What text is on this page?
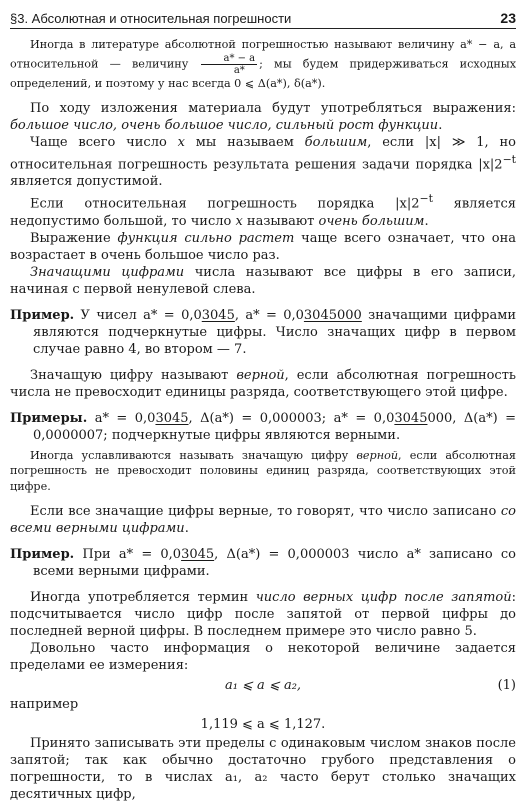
§3. Абсолютная и относительная погрешности	23

Иногда в литературе абсолютной погрешностью называют величину a* − a, а относительной — величину $\frac{a* - a}{a*}$ ; мы будем придерживаться исходных определений, и поэтому у нас всегда 0 ⩽ Δ(a*), δ(a*).

По ходу изложения материала будут употребляться выражения: большое число, очень большое число, сильный рост функции.

Чаще всего число x мы называем большим, если |x| ≫ 1, но относительная погрешность результата решения задачи порядка $|x|2^{-t}$ является допустимой.

Если относительная погрешность порядка $|x|2^{-t}$ является недопустимо большой, то число x называют очень большим.

Выражение функция сильно растет чаще всего означает, что она возрастает в очень большое число раз.

Значащими цифрами числа называют все цифры в его записи, начиная с первой ненулевой слева.

Пример. У чисел a* = 0,03045, a* = 0,03045000 значащими цифрами являются подчеркнутые цифры. Число значащих цифр в первом случае равно 4, во втором — 7.

Значащую цифру называют верной, если абсолютная погрешность числа не превосходит единицы разряда, соответствующего этой цифре.

Примеры. a* = 0,03045, Δ(a*) = 0,000003; a* = 0,03045000, Δ(a*) = 0,0000007; подчеркнутые цифры являются верными.

Иногда уславливаются называть значащую цифру верной, если абсолютная погрешность не превосходит половины единиц разряда, соответствующих этой цифре.

Если все значащие цифры верные, то говорят, что число записано со всеми верными цифрами.

Пример. При a* = 0,03045, Δ(a*) = 0,000003 число a* записано со всеми верными цифрами.

Иногда употребляется термин число верных цифр после запятой: подсчитывается число цифр после запятой от первой цифры до последней верной цифры. В последнем примере это число равно 5.

Довольно часто информация о некоторой величине задается пределами ее измерения:

a₁ ⩽ a ⩽ a₂,	(1)

например

1,119 ⩽ a ⩽ 1,127.

Принято записывать эти пределы с одинаковым числом знаков после запятой; так как обычно достаточно грубого представления о погрешности, то в числах a₁, a₂ часто берут столько значащих десятичных цифр,
